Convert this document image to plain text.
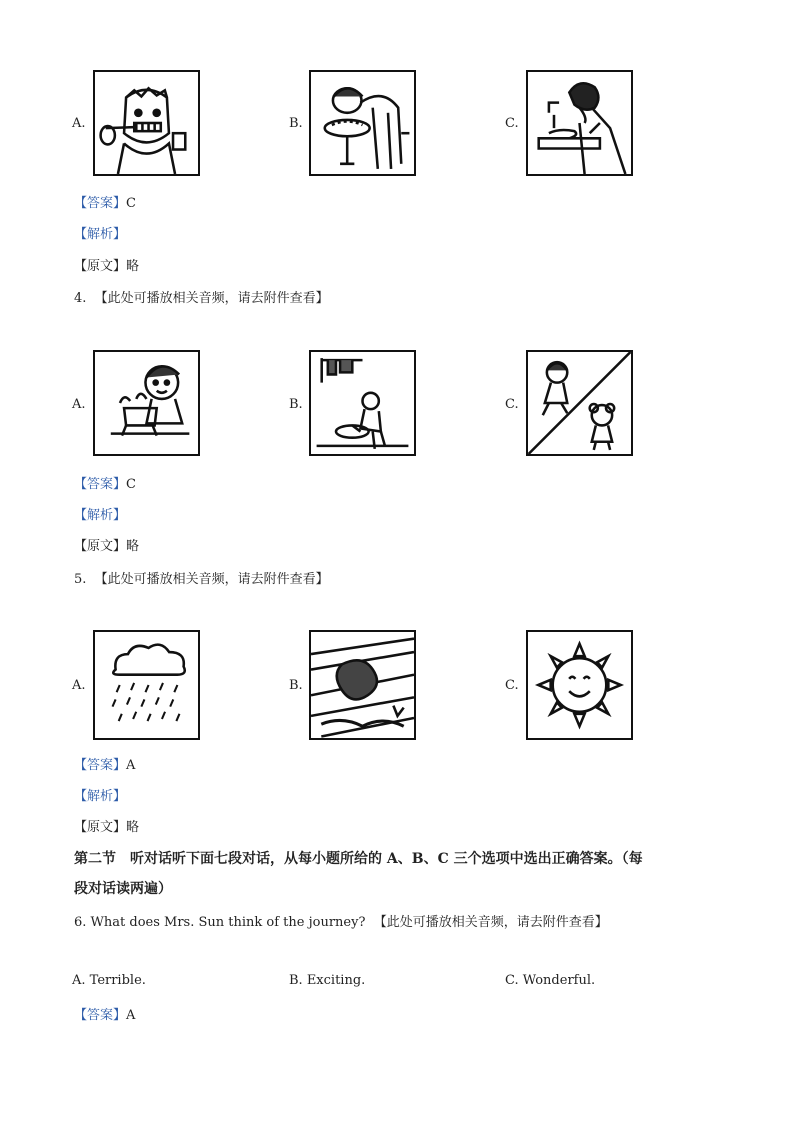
A.	B.	C.
【答案】C
【解析】
【原文】略
4. 【此处可播放相关音频，请去附件查看】
A.	B.	C.
【答案】C
【解析】
【原文】略
5. 【此处可播放相关音频，请去附件查看】
A.	B.	C.
【答案】A
【解析】
【原文】略
第二节　听对话听下面七段对话，从每小题所给的 A、B、C 三个选项中选出正确答案。（每
段对话读两遍）
6. What does Mrs. Sun think of the journey? 【此处可播放相关音频，请去附件查看】
A. Terrible.	B. Exciting.	C. Wonderful.
【答案】A
